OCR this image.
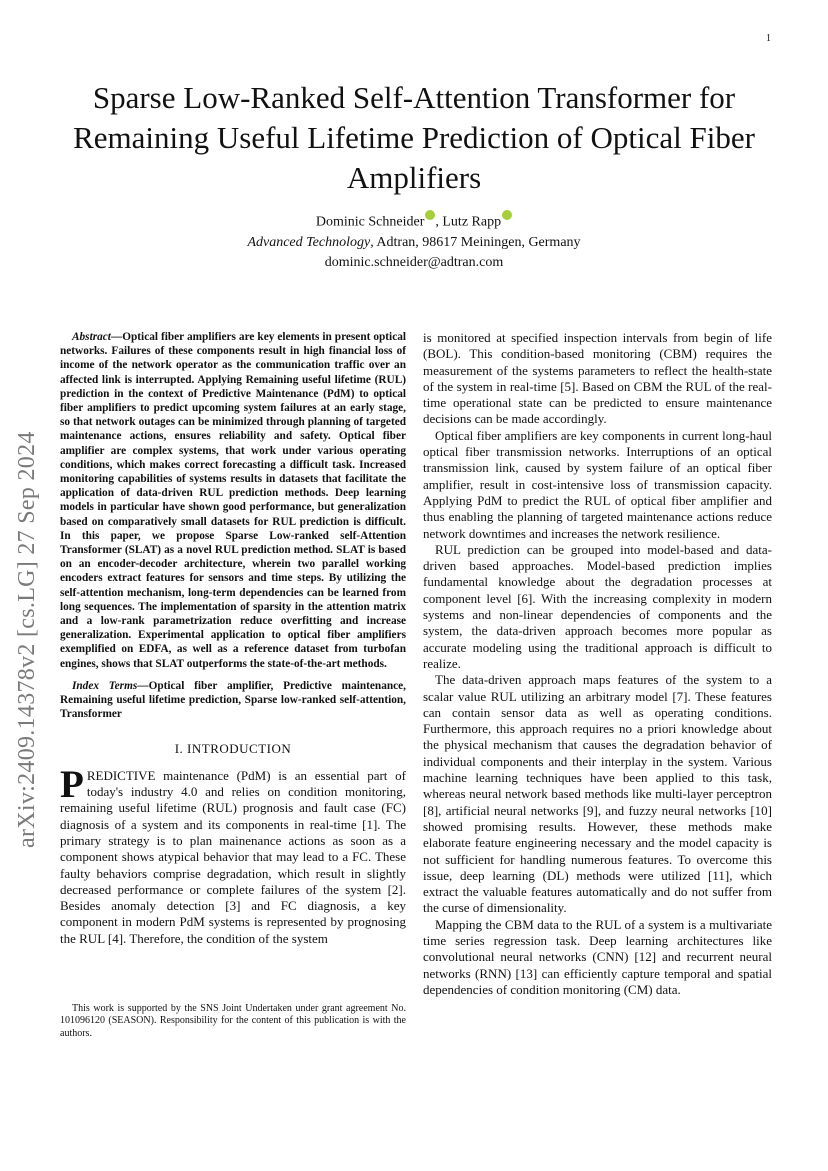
1
arXiv:2409.14378v2 [cs.LG] 27 Sep 2024
Sparse Low-Ranked Self-Attention Transformer for Remaining Useful Lifetime Prediction of Optical Fiber Amplifiers
Dominic Schneider , Lutz Rapp
Advanced Technology, Adtran, 98617 Meiningen, Germany
dominic.schneider@adtran.com

Abstract—Optical fiber amplifiers are key elements in present optical networks. Failures of these components result in high financial loss of income of the network operator as the communication traffic over an affected link is interrupted. Applying Remaining useful lifetime (RUL) prediction in the context of Predictive Maintenance (PdM) to optical fiber amplifiers to predict upcoming system failures at an early stage, so that network outages can be minimized through planning of targeted maintenance actions, ensures reliability and safety. Optical fiber amplifier are complex systems, that work under various operating conditions, which makes correct forecasting a difficult task. Increased monitoring capabilities of systems results in datasets that facilitate the application of data-driven RUL prediction methods. Deep learning models in particular have shown good performance, but generalization based on comparatively small datasets for RUL prediction is difficult. In this paper, we propose Sparse Low-ranked self-Attention Transformer (SLAT) as a novel RUL prediction method. SLAT is based on an encoder-decoder architecture, wherein two parallel working encoders extract features for sensors and time steps. By utilizing the self-attention mechanism, long-term dependencies can be learned from long sequences. The implementation of sparsity in the attention matrix and a low-rank parametrization reduce overfitting and increase generalization. Experimental application to optical fiber amplifiers exemplified on EDFA, as well as a reference dataset from turbofan engines, shows that SLAT outperforms the state-of-the-art methods.

Index Terms—Optical fiber amplifier, Predictive maintenance, Remaining useful lifetime prediction, Sparse low-ranked self-attention, Transformer

I. INTRODUCTION

PREDICTIVE maintenance (PdM) is an essential part of today's industry 4.0 and relies on condition monitoring, remaining useful lifetime (RUL) prognosis and fault case (FC) diagnosis of a system and its components in real-time [1]. The primary strategy is to plan mainenance actions as soon as a component shows atypical behavior that may lead to a FC. These faulty behaviors comprise degradation, which result in slightly decreased performance or complete failures of the system [2]. Besides anomaly detection [3] and FC diagnosis, a key component in modern PdM systems is represented by prognosing the RUL [4]. Therefore, the condition of the system

This work is supported by the SNS Joint Undertaken under grant agreement No. 101096120 (SEASON). Responsibility for the content of this publication is with the authors.

is monitored at specified inspection intervals from begin of life (BOL). This condition-based monitoring (CBM) requires the measurement of the systems parameters to reflect the health-state of the system in real-time [5]. Based on CBM the RUL of the real-time operational state can be predicted to ensure maintenance decisions can be made accordingly.

Optical fiber amplifiers are key components in current long-haul optical fiber transmission networks. Interruptions of an optical transmission link, caused by system failure of an optical fiber amplifier, result in cost-intensive loss of transmission capacity. Applying PdM to predict the RUL of optical fiber amplifier and thus enabling the planning of targeted maintenance actions reduce network downtimes and increases the network resilience.

RUL prediction can be grouped into model-based and data-driven based approaches. Model-based prediction implies fundamental knowledge about the degradation processes at component level [6]. With the increasing complexity in modern systems and non-linear dependencies of components and the system, the data-driven approach becomes more popular as accurate modeling using the traditional approach is difficult to realize.

The data-driven approach maps features of the system to a scalar value RUL utilizing an arbitrary model [7]. These features can contain sensor data as well as operating conditions. Furthermore, this approach requires no a priori knowledge about the physical mechanism that causes the degradation behavior of individual components and their interplay in the system. Various machine learning techniques have been applied to this task, whereas neural network based methods like multi-layer perceptron [8], artificial neural networks [9], and fuzzy neural networks [10] showed promising results. However, these methods make elaborate feature engineering necessary and the model capacity is not sufficient for handling numerous features. To overcome this issue, deep learning (DL) methods were utilized [11], which extract the valuable features automatically and do not suffer from the curse of dimensionality.

Mapping the CBM data to the RUL of a system is a multivariate time series regression task. Deep learning architectures like convolutional neural networks (CNN) [12] and recurrent neural networks (RNN) [13] can efficiently capture temporal and spatial dependencies of condition monitoring (CM) data.
